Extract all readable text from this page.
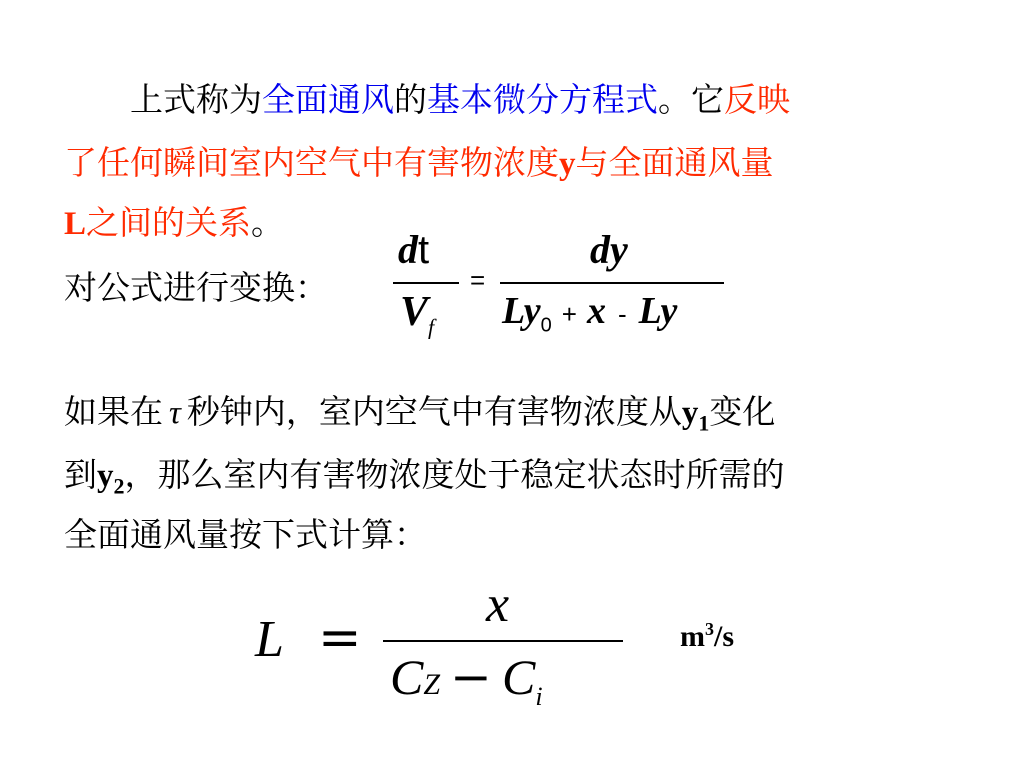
上式称为全面通风的基本微分方程式。它反映
了任何瞬间室内空气中有害物浓度y与全面通风量
L之间的关系。
对公式进行变换：
dt
$V_f$
=
dy
$Ly_0 + x - Ly$
如果在 τ 秒钟内，室内空气中有害物浓度从$y_1$变化
到$y_2$，那么室内有害物浓度处于稳定状态时所需的
全面通风量按下式计算：
L =
x
CZ − $C_i$
$m^3/s$
